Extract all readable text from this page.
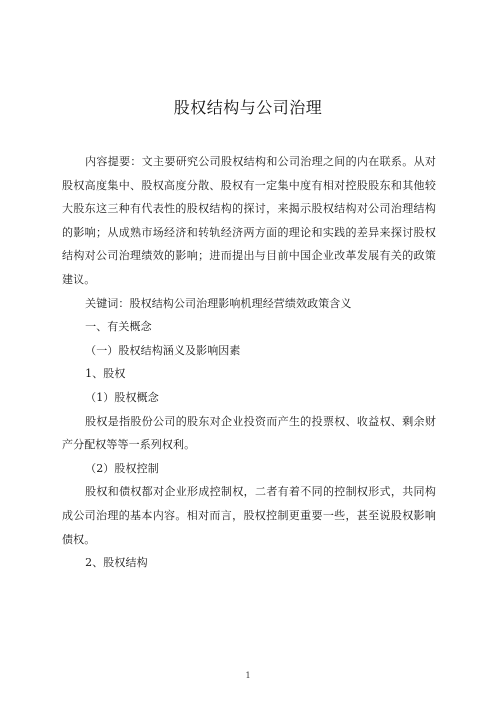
股权结构与公司治理

内容提要：文主要研究公司股权结构和公司治理之间的内在联系。从对股权高度集中、股权高度分散、股权有一定集中度有相对控股股东和其他较大股东这三种有代表性的股权结构的探讨，来揭示股权结构对公司治理结构的影响；从成熟市场经济和转轨经济两方面的理论和实践的差异来探讨股权结构对公司治理绩效的影响；进而提出与目前中国企业改革发展有关的政策建议。

关键词：股权结构公司治理影响机理经营绩效政策含义

一、有关概念

（一）股权结构涵义及影响因素

1、股权

（1）股权概念

股权是指股份公司的股东对企业投资而产生的投票权、收益权、剩余财产分配权等等一系列权利。

（2）股权控制

股权和债权都对企业形成控制权，二者有着不同的控制权形式，共同构成公司治理的基本内容。相对而言，股权控制更重要一些，甚至说股权影响债权。

2、股权结构

1
